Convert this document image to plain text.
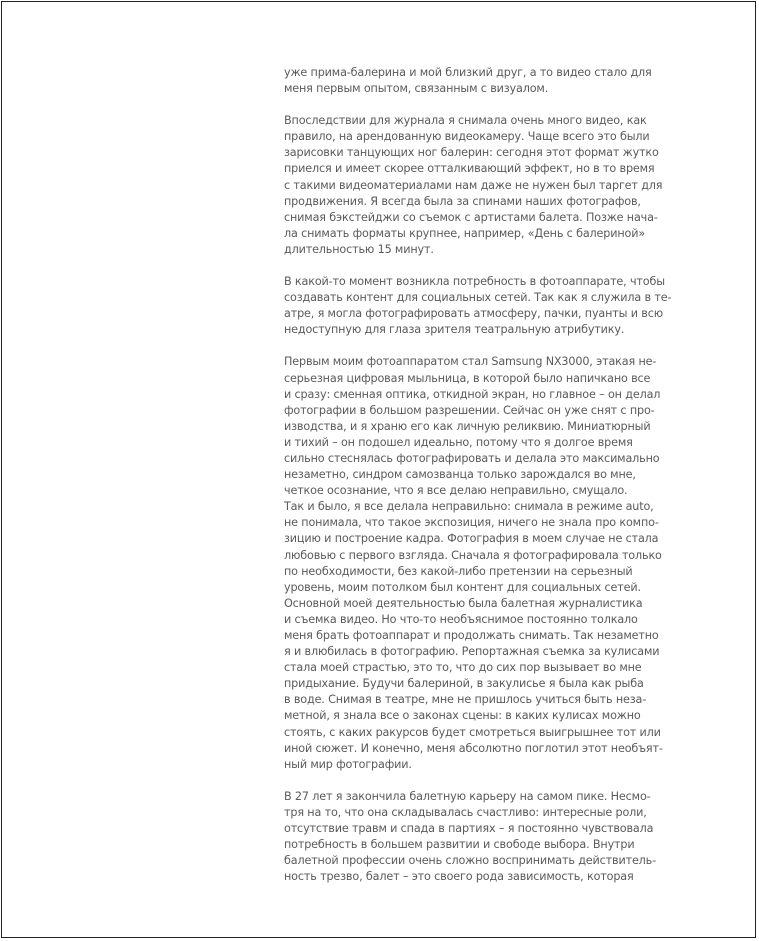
уже прима-балерина и мой близкий друг, а то видео стало для
меня первым опытом, связанным с визуалом.

Впоследствии для журнала я снимала очень много видео, как
правило, на арендованную видеокамеру. Чаще всего это были
зарисовки танцующих ног балерин: сегодня этот формат жутко
приелся и имеет скорее отталкивающий эффект, но в то время
с такими видеоматериалами нам даже не нужен был таргет для
продвижения. Я всегда была за спинами наших фотографов,
снимая бэкстейджи со съемок с артистами балета. Позже нача-
ла снимать форматы крупнее, например, «День с балериной»
длительностью 15 минут.

В какой-то момент возникла потребность в фотоаппарате, чтобы
создавать контент для социальных сетей. Так как я служила в те-
атре, я могла фотографировать атмосферу, пачки, пуанты и всю
недоступную для глаза зрителя театральную атрибутику.

Первым моим фотоаппаратом стал Samsung NX3000, этакая не-
серьезная цифровая мыльница, в которой было напичкано все
и сразу: сменная оптика, откидной экран, но главное – он делал
фотографии в большом разрешении. Сейчас он уже снят с про-
изводства, и я храню его как личную реликвию. Миниатюрный
и тихий – он подошел идеально, потому что я долгое время
сильно стеснялась фотографировать и делала это максимально
незаметно, синдром самозванца только зарождался во мне,
четкое осознание, что я все делаю неправильно, смущало.
Так и было, я все делала неправильно: снимала в режиме auto,
не понимала, что такое экспозиция, ничего не знала про компо-
зицию и построение кадра. Фотография в моем случае не стала
любовью с первого взгляда. Сначала я фотографировала только
по необходимости, без какой-либо претензии на серьезный
уровень, моим потолком был контент для социальных сетей.
Основной моей деятельностью была балетная журналистика
и съемка видео. Но что-то необъяснимое постоянно толкало
меня брать фотоаппарат и продолжать снимать. Так незаметно
я и влюбилась в фотографию. Репортажная съемка за кулисами
стала моей страстью, это то, что до сих пор вызывает во мне
придыхание. Будучи балериной, в закулисье я была как рыба
в воде. Снимая в театре, мне не пришлось учиться быть неза-
метной, я знала все о законах сцены: в каких кулисах можно
стоять, с каких ракурсов будет смотреться выигрышнее тот или
иной сюжет. И конечно, меня абсолютно поглотил этот необъят-
ный мир фотографии.

В 27 лет я закончила балетную карьеру на самом пике. Несмо-
тря на то, что она складывалась счастливо: интересные роли,
отсутствие травм и спада в партиях – я постоянно чувствовала
потребность в большем развитии и свободе выбора. Внутри
балетной профессии очень сложно воспринимать действитель-
ность трезво, балет – это своего рода зависимость, которая
